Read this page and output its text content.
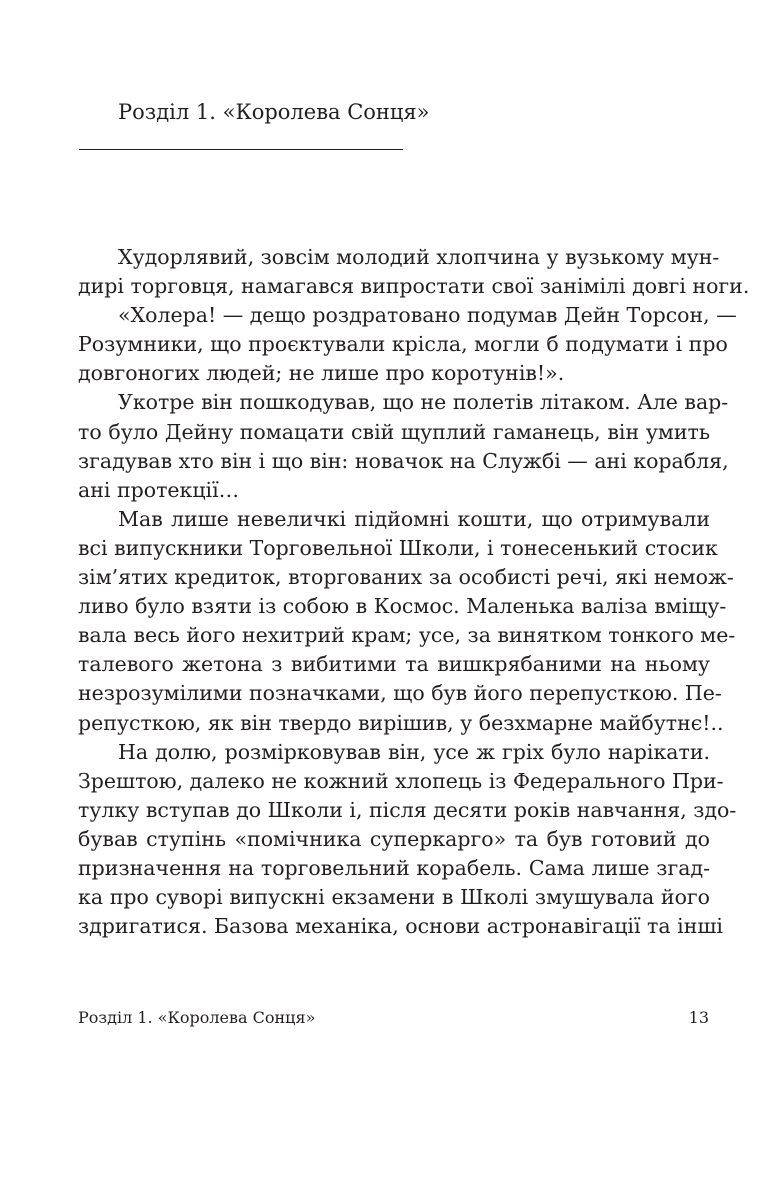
Розділ 1. «Королева Сонця»
Худорлявий, зовсім молодий хлопчина у вузькому мун-
дирі торговця, намагався випростати свої занімілі довгі ноги.
«Холера! — дещо роздратовано подумав Дейн Торсон, —
Розумники, що проєктували крісла, могли б подумати і про
довгоногих людей; не лише про коротунів!».
Укотре він пошкодував, що не полетів літаком. Але вар-
то було Дейну помацати свій щуплий гаманець, він умить
згадував хто він і що він: новачок на Службі — ані корабля,
ані протекції…
Мав лише невеличкі підйомні кошти, що отримували
всі випускники Торговельної Школи, і тонесенький стосик
зім’ятих кредиток, вторгованих за особисті речі, які немож-
ливо було взяти із собою в Космос. Маленька валіза вміщу-
вала весь його нехитрий крам; усе, за винятком тонкого ме-
талевого жетона з вибитими та вишкрябаними на ньому
незрозумілими позначками, що був його перепусткою. Пе-
репусткою, як він твердо вирішив, у безхмарне майбутнє!..
На долю, розмірковував він, усе ж гріх було нарікати.
Зрештою, далеко не кожний хлопець із Федерального При-
тулку вступав до Школи і, після десяти років навчання, здо-
бував ступінь «помічника суперкарго» та був готовий до
призначення на торговельний корабель. Сама лише згад-
ка про суворі випускні екзамени в Школі змушувала його
здригатися. Базова механіка, основи астронавігації та інші
Розділ 1. «Королева Сонця»	13
